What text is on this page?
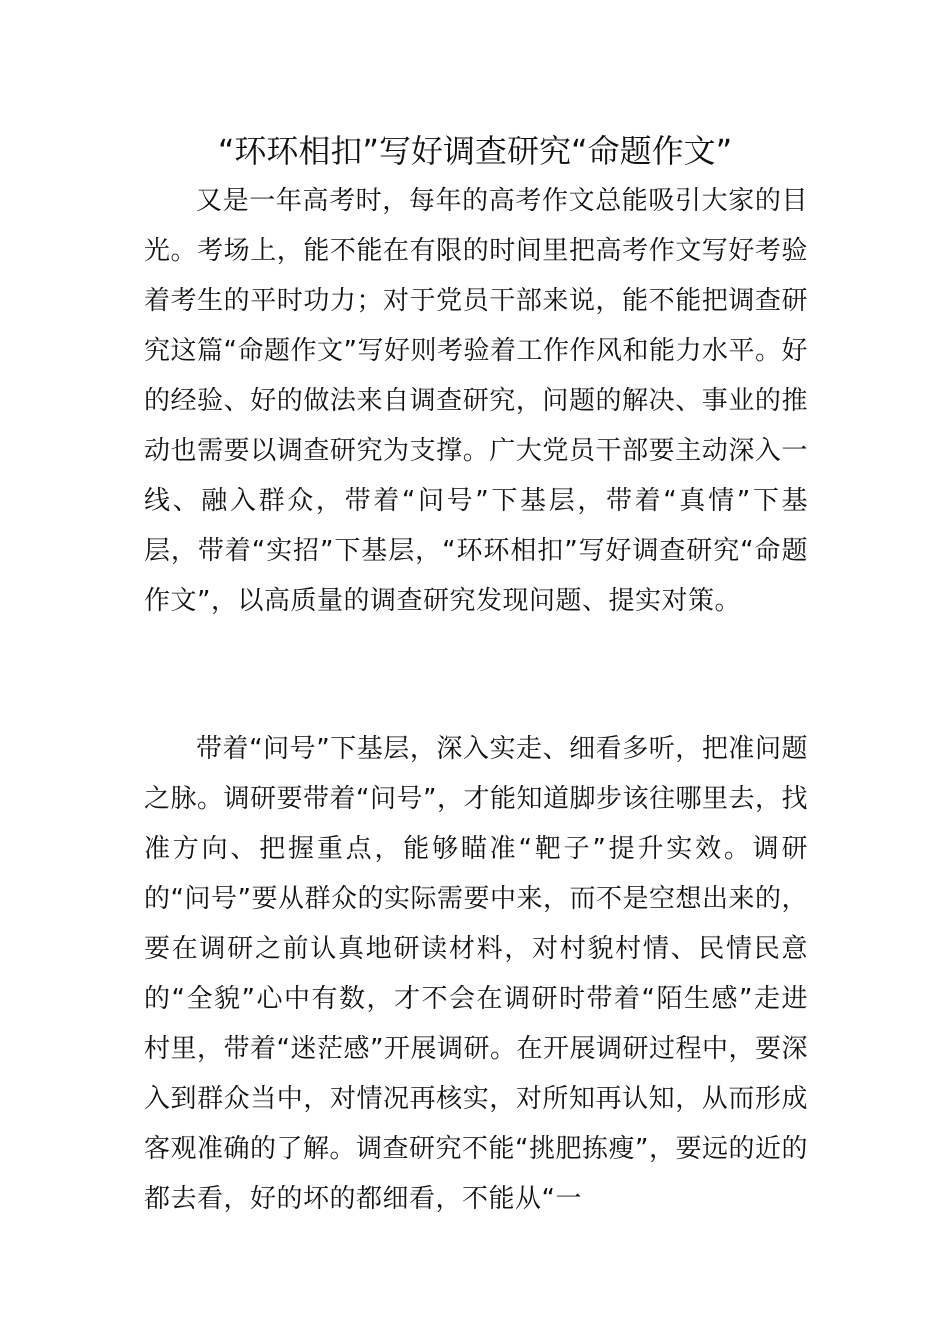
“环环相扣”写好调查研究“命题作文”

又是一年高考时，每年的高考作文总能吸引大家的目光。考场上，能不能在有限的时间里把高考作文写好考验着考生的平时功力；对于党员干部来说，能不能把调查研究这篇“命题作文”写好则考验着工作作风和能力水平。好的经验、好的做法来自调查研究，问题的解决、事业的推动也需要以调查研究为支撑。广大党员干部要主动深入一线、融入群众，带着“问号”下基层，带着“真情”下基层，带着“实招”下基层，“环环相扣”写好调查研究“命题作文”，以高质量的调查研究发现问题、提实对策。

带着“问号”下基层，深入实走、细看多听，把准问题之脉。调研要带着“问号”，才能知道脚步该往哪里去，找准方向、把握重点，能够瞄准“靶子”提升实效。调研的“问号”要从群众的实际需要中来，而不是空想出来的，要在调研之前认真地研读材料，对村貌村情、民情民意的“全貌”心中有数，才不会在调研时带着“陌生感”走进村里，带着“迷茫感”开展调研。在开展调研过程中，要深入到群众当中，对情况再核实，对所知再认知，从而形成客观准确的了解。调查研究不能“挑肥拣瘦”，要远的近的都去看，好的坏的都细看，不能从“一
